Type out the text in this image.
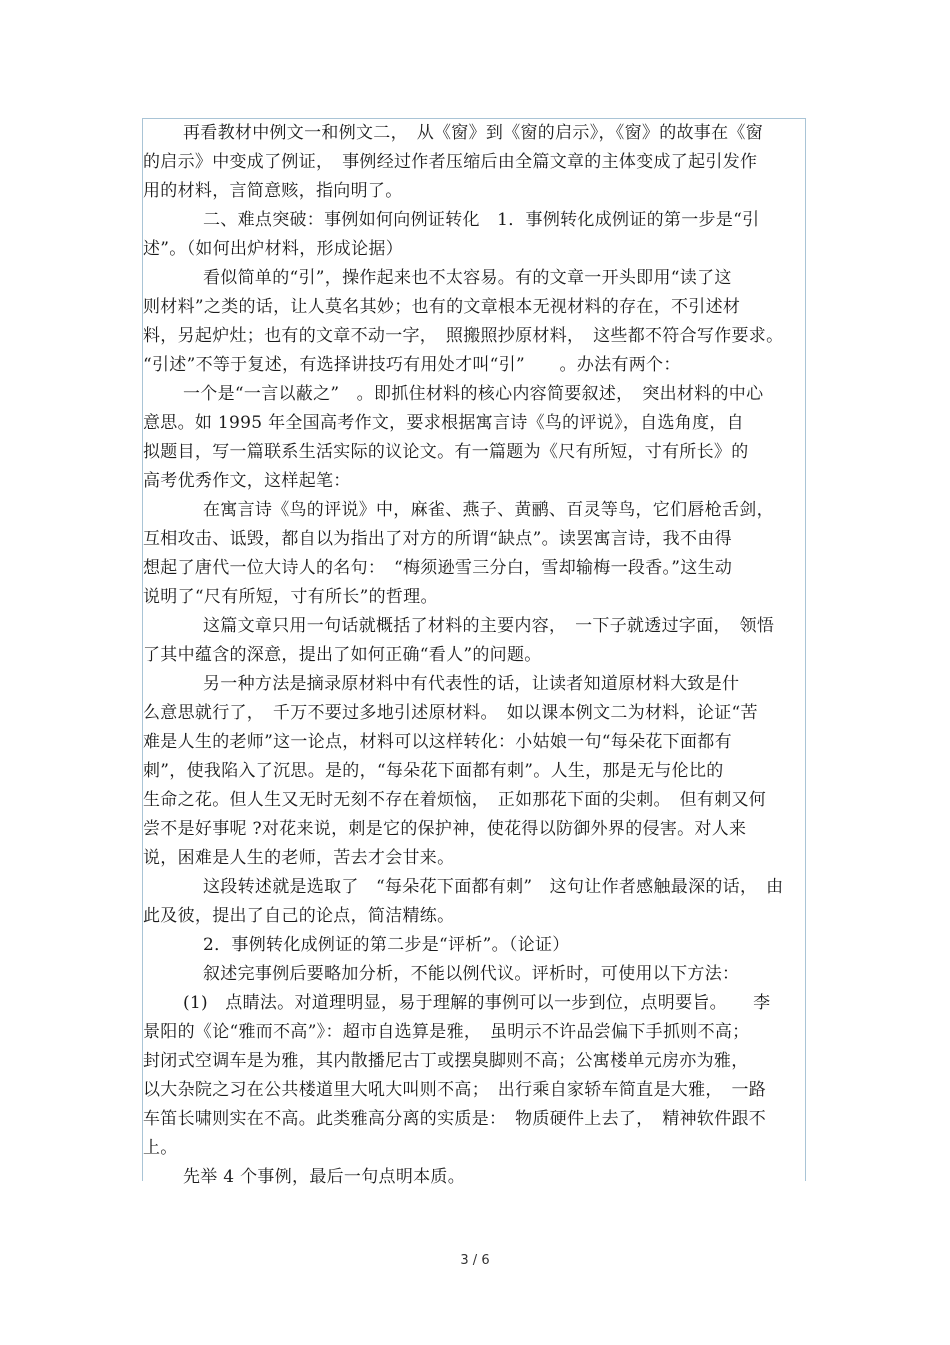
再看教材中例文一和例文二，　从《窗》到《窗的启示》，《窗》的故事在《窗
的启示》中变成了例证，　事例经过作者压缩后由全篇文章的主体变成了起引发作
用的材料，言简意赅，指向明了。
二、难点突破：事例如何向例证转化　1．事例转化成例证的第一步是“引
述”。（如何出炉材料，形成论据）
看似简单的“引”，操作起来也不太容易。有的文章一开头即用“读了这
则材料”之类的话，让人莫名其妙；也有的文章根本无视材料的存在，不引述材
料，另起炉灶；也有的文章不动一字，　照搬照抄原材料，　这些都不符合写作要求。
“引述”不等于复述，有选择讲技巧有用处才叫“引”　　。办法有两个：
一个是“一言以蔽之”　。即抓住材料的核心内容简要叙述，　突出材料的中心
意思。如 1995 年全国高考作文，要求根据寓言诗《鸟的评说》，自选角度，自
拟题目，写一篇联系生活实际的议论文。有一篇题为《尺有所短，寸有所长》的
高考优秀作文，这样起笔：
在寓言诗《鸟的评说》中，麻雀、燕子、黄鹂、百灵等鸟，它们唇枪舌剑，
互相攻击、诋毁，都自以为指出了对方的所谓“缺点”。读罢寓言诗，我不由得
想起了唐代一位大诗人的名句：　“梅须逊雪三分白，雪却输梅一段香。”这生动
说明了“尺有所短，寸有所长”的哲理。
这篇文章只用一句话就概括了材料的主要内容，　一下子就透过字面，　领悟
了其中蕴含的深意，提出了如何正确“看人”的问题。
另一种方法是摘录原材料中有代表性的话，让读者知道原材料大致是什
么意思就行了，　千万不要过多地引述原材料。　如以课本例文二为材料，论证“苦
难是人生的老师”这一论点，材料可以这样转化：小姑娘一句“每朵花下面都有
刺”，使我陷入了沉思。是的，“每朵花下面都有刺”。人生，那是无与伦比的
生命之花。但人生又无时无刻不存在着烦恼，　正如那花下面的尖刺。　但有刺又何
尝不是好事呢 ?对花来说，刺是它的保护神，使花得以防御外界的侵害。对人来
说，困难是人生的老师，苦去才会甘来。
这段转述就是选取了　“每朵花下面都有刺”　这句让作者感触最深的话，　由
此及彼，提出了自己的论点，简洁精练。
2．事例转化成例证的第二步是“评析”。（论证）
叙述完事例后要略加分析，不能以例代议。评析时，可使用以下方法：
(1)　点睛法。对道理明显，易于理解的事例可以一步到位，点明要旨。　　李
景阳的《论“雅而不高”》：超市自选算是雅，　虽明示不许品尝偏下手抓则不高；
封闭式空调车是为雅，其内散播尼古丁或摆臭脚则不高；公寓楼单元房亦为雅，
以大杂院之习在公共楼道里大吼大叫则不高；　出行乘自家轿车简直是大雅，　一路
车笛长啸则实在不高。此类雅高分离的实质是：　物质硬件上去了，　精神软件跟不
上。
先举 4 个事例，最后一句点明本质。
3 / 6
